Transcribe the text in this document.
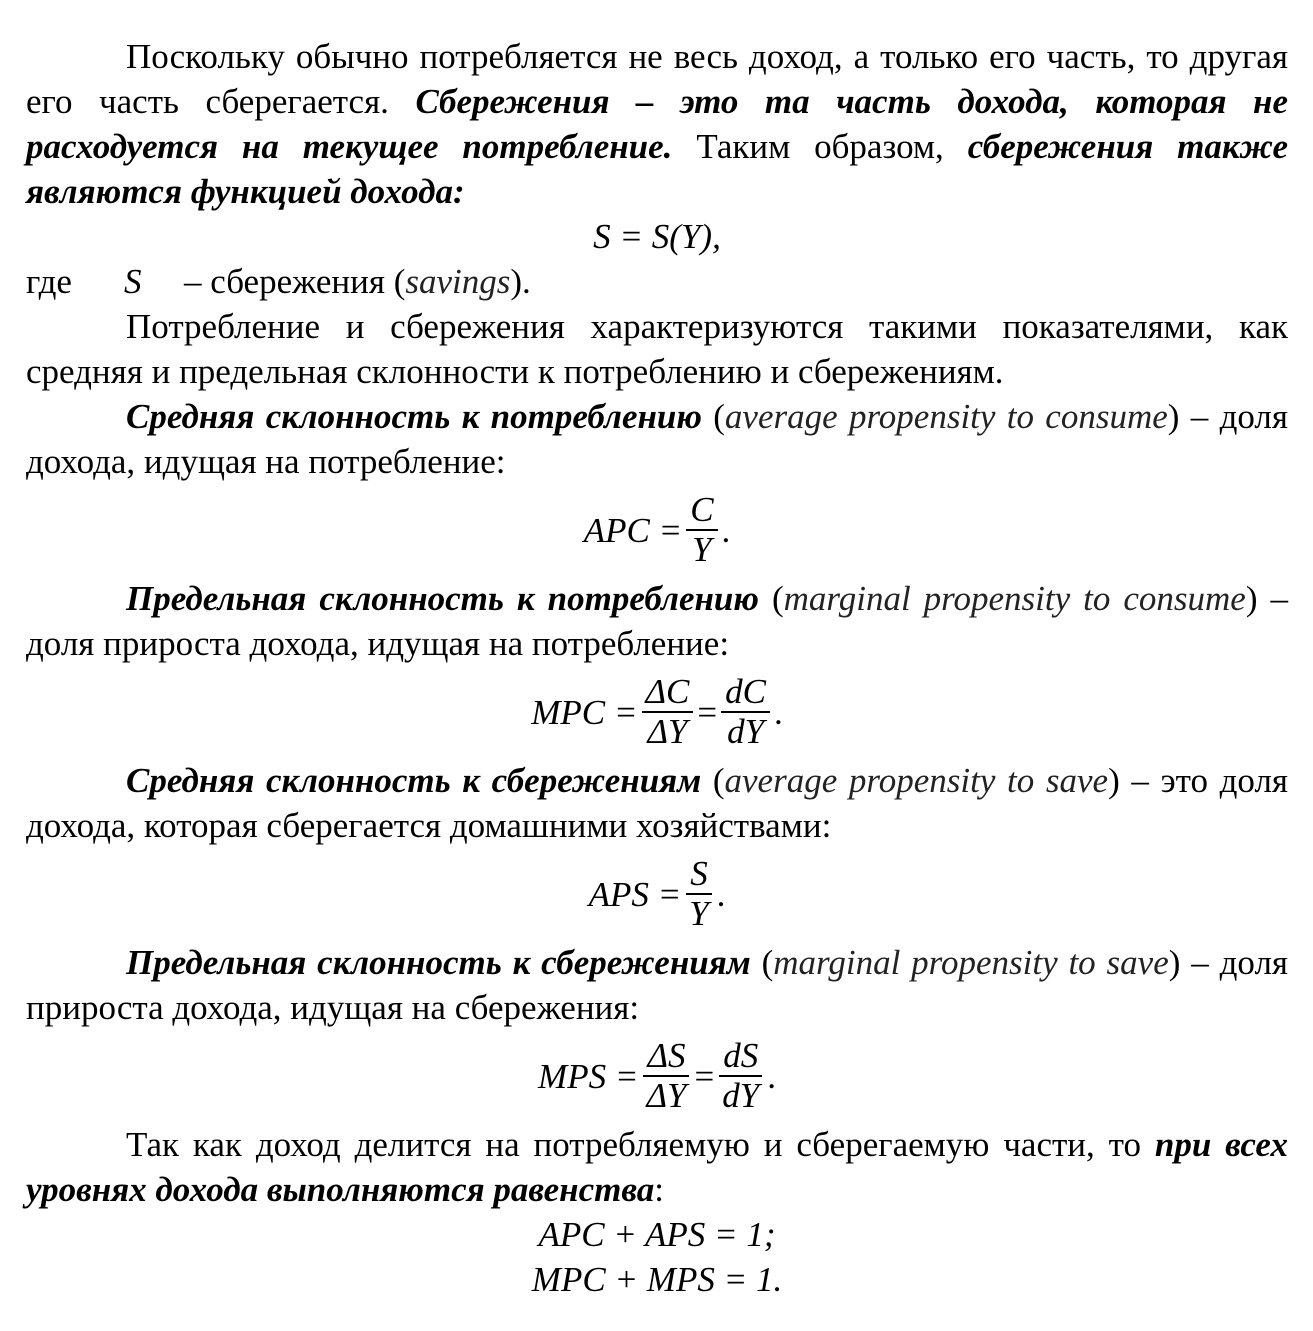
Поскольку обычно потребляется не весь доход, а только его часть, то другая его часть сберегается. Сбережения – это та часть дохода, которая не расходуется на текущее потребление. Таким образом, сбережения также являются функцией дохода:

S = S(Y),
где	S	– сбережения (savings).

Потребление и сбережения характеризуются такими показателями, как средняя и предельная склонности к потреблению и сбережениям.

Средняя склонность к потреблению (average propensity to consume) – доля дохода, идущая на потребление:

APC = $\frac{C}{Y}$ .

Предельная склонность к потреблению (marginal propensity to consume) – доля прироста дохода, идущая на потребление:

MPC = $\frac{\Delta C}{\Delta Y} = \frac{dC}{dY}$ .

Средняя склонность к сбережениям (average propensity to save) – это доля дохода, которая сберегается домашними хозяйствами:

APS = $\frac{S}{Y}$ .

Предельная склонность к сбережениям (marginal propensity to save) – доля прироста дохода, идущая на сбережения:

MPS = $\frac{\Delta S}{\Delta Y} = \frac{dS}{dY}$ .

Так как доход делится на потребляемую и сберегаемую части, то при всех уровнях дохода выполняются равенства:

APC + APS = 1;
MPC + MPS = 1.
